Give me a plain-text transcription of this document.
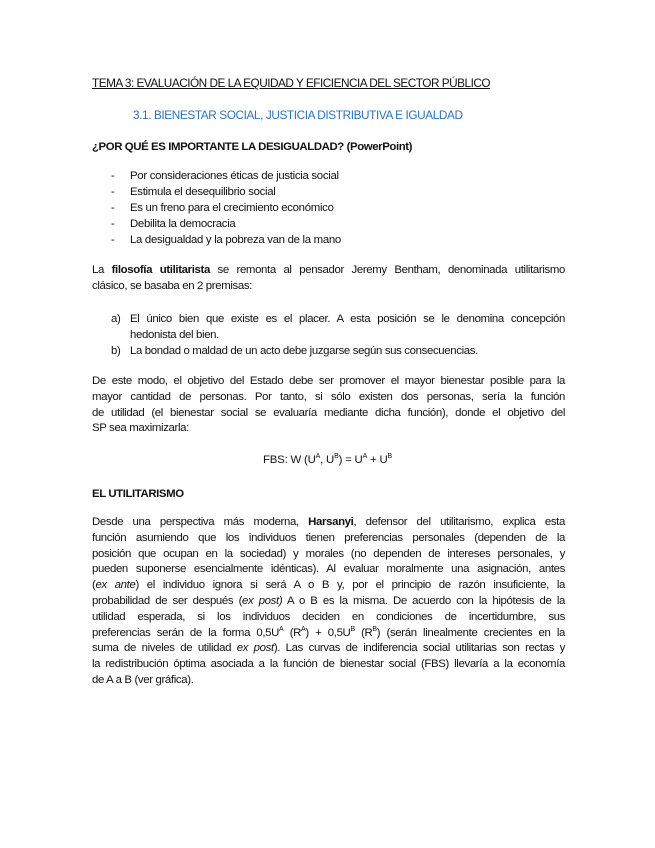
TEMA 3: EVALUACIÓN DE LA EQUIDAD Y EFICIENCIA DEL SECTOR PÚBLICO
3.1. BIENESTAR SOCIAL, JUSTICIA DISTRIBUTIVA E IGUALDAD
¿POR QUÉ ES IMPORTANTE LA DESIGUALDAD? (PowerPoint)
- Por consideraciones éticas de justicia social
- Estimula el desequilibrio social
- Es un freno para el crecimiento económico
- Debilita la democracia
- La desigualdad y la pobreza van de la mano

La filosofía utilitarista se remonta al pensador Jeremy Bentham, denominada utilitarismo

clásico, se basaba en 2 premisas:

a) El único bien que existe es el placer. A esta posición se le denomina concepción
hedonista del bien.
b) La bondad o maldad de un acto debe juzgarse según sus consecuencias.

De este modo, el objetivo del Estado debe ser promover el mayor bienestar posible para la

mayor cantidad de personas. Por tanto, si sólo existen dos personas, sería la función

de utilidad (el bienestar social se evaluaría mediante dicha función), donde el objetivo del

SP sea maximizarla:

FBS: W ($U^A$, $U^B) = U^A + U^B$
EL UTILITARISMO

Desde una perspectiva más moderna, Harsanyi, defensor del utilitarismo, explica esta

función asumiendo que los individuos tienen preferencias personales (dependen de la

posición que ocupan en la sociedad) y morales (no dependen de intereses personales, y

pueden suponerse esencialmente idénticas). Al evaluar moralmente una asignación, antes

(ex ante) el individuo ignora si será A o B y, por el principio de razón insuficiente, la

probabilidad de ser después (ex post) A o B es la misma. De acuerdo con la hipótesis de la

utilidad esperada, si los individuos deciden en condiciones de incertidumbre, sus

preferencias serán de la forma $0,5U^A$ $(R^A) + 0,5U^B$ $(R^B)$ (serán linealmente crecientes en la

suma de niveles de utilidad ex post). Las curvas de indiferencia social utilitarias son rectas y

la redistribución óptima asociada a la función de bienestar social (FBS) llevaría a la economía

de A a B (ver gráfica).
